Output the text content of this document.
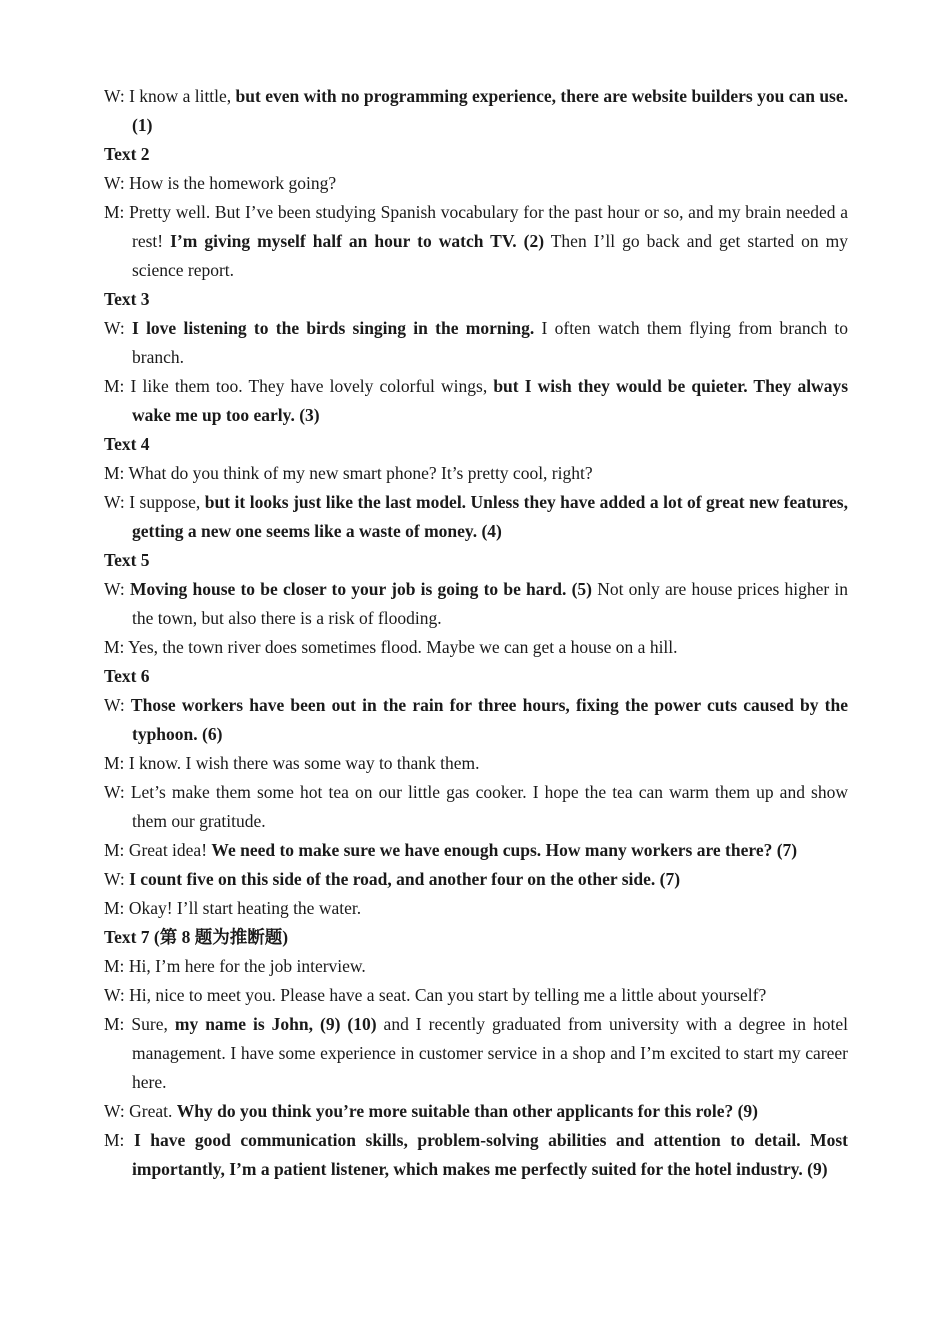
W: I know a little, but even with no programming experience, there are website builders you can use. (1)

Text 2

W: How is the homework going?

M: Pretty well. But I’ve been studying Spanish vocabulary for the past hour or so, and my brain needed a rest! I’m giving myself half an hour to watch TV. (2) Then I’ll go back and get started on my science report.

Text 3

W: I love listening to the birds singing in the morning. I often watch them flying from branch to branch.

M: I like them too. They have lovely colorful wings, but I wish they would be quieter. They always wake me up too early. (3)

Text 4

M: What do you think of my new smart phone? It’s pretty cool, right?

W: I suppose, but it looks just like the last model. Unless they have added a lot of great new features, getting a new one seems like a waste of money. (4)

Text 5

W: Moving house to be closer to your job is going to be hard. (5) Not only are house prices higher in the town, but also there is a risk of flooding.

M: Yes, the town river does sometimes flood. Maybe we can get a house on a hill.

Text 6

W: Those workers have been out in the rain for three hours, fixing the power cuts caused by the typhoon. (6)

M: I know. I wish there was some way to thank them.

W: Let’s make them some hot tea on our little gas cooker. I hope the tea can warm them up and show them our gratitude.

M: Great idea! We need to make sure we have enough cups. How many workers are there? (7)

W: I count five on this side of the road, and another four on the other side. (7)

M: Okay! I’ll start heating the water.

Text 7 (第 8 题为推断题)

M: Hi, I’m here for the job interview.

W: Hi, nice to meet you. Please have a seat. Can you start by telling me a little about yourself?

M: Sure, my name is John, (9) (10) and I recently graduated from university with a degree in hotel management. I have some experience in customer service in a shop and I’m excited to start my career here.

W: Great. Why do you think you’re more suitable than other applicants for this role? (9)

M: I have good communication skills, problem-solving abilities and attention to detail. Most importantly, I’m a patient listener, which makes me perfectly suited for the hotel industry. (9)
